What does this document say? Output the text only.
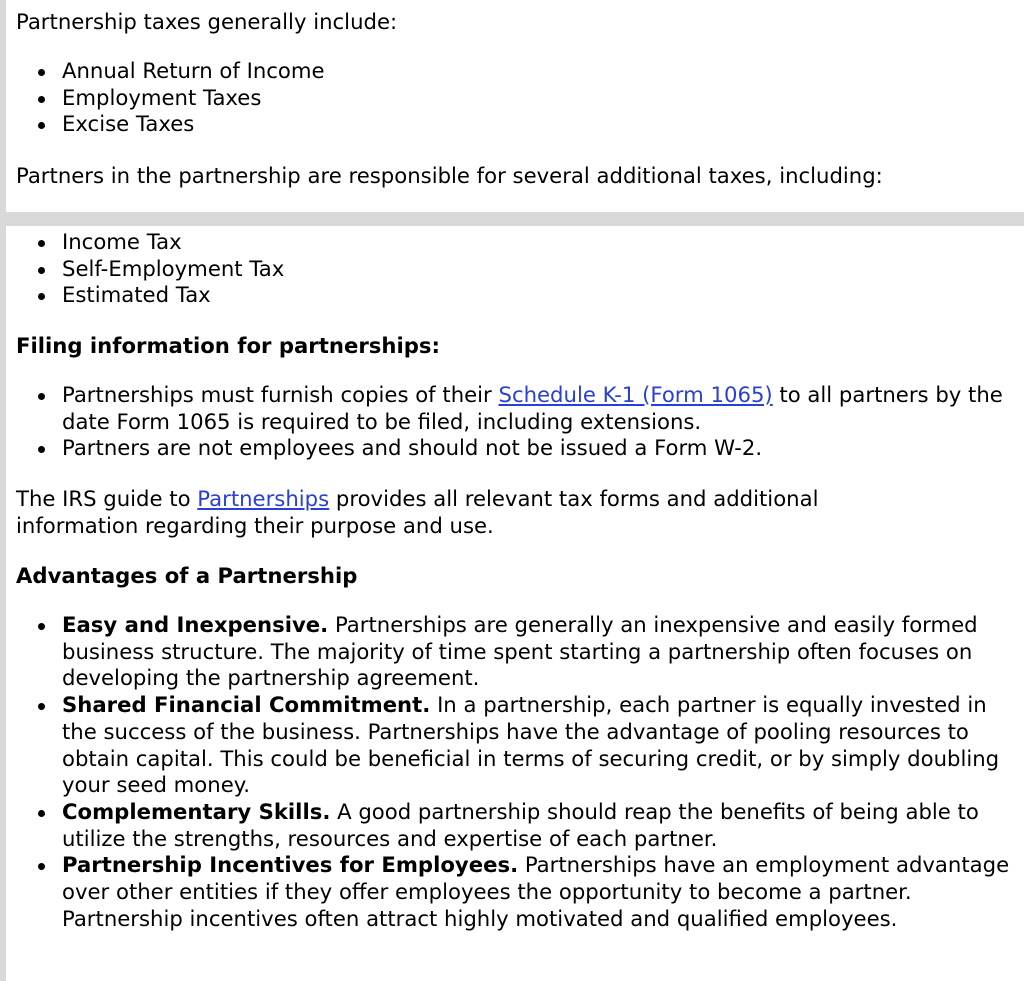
Partnership taxes generally include:

Annual Return of Income
Employment Taxes
Excise Taxes

Partners in the partnership are responsible for several additional taxes, including:

Income Tax
Self-Employment Tax
Estimated Tax
Filing information for partnerships:
Partnerships must furnish copies of their Schedule K-1 (Form 1065) to all partners by the date Form 1065 is required to be filed, including extensions.
Partners are not employees and should not be issued a Form W-2.

The IRS guide to Partnerships provides all relevant tax forms and additional information regarding their purpose and use.

Advantages of a Partnership
Easy and Inexpensive. Partnerships are generally an inexpensive and easily formed business structure. The majority of time spent starting a partnership often focuses on developing the partnership agreement.
Shared Financial Commitment. In a partnership, each partner is equally invested in the success of the business. Partnerships have the advantage of pooling resources to obtain capital. This could be beneficial in terms of securing credit, or by simply doubling your seed money.
Complementary Skills. A good partnership should reap the benefits of being able to utilize the strengths, resources and expertise of each partner.
Partnership Incentives for Employees. Partnerships have an employment advantage over other entities if they offer employees the opportunity to become a partner. Partnership incentives often attract highly motivated and qualified employees.
